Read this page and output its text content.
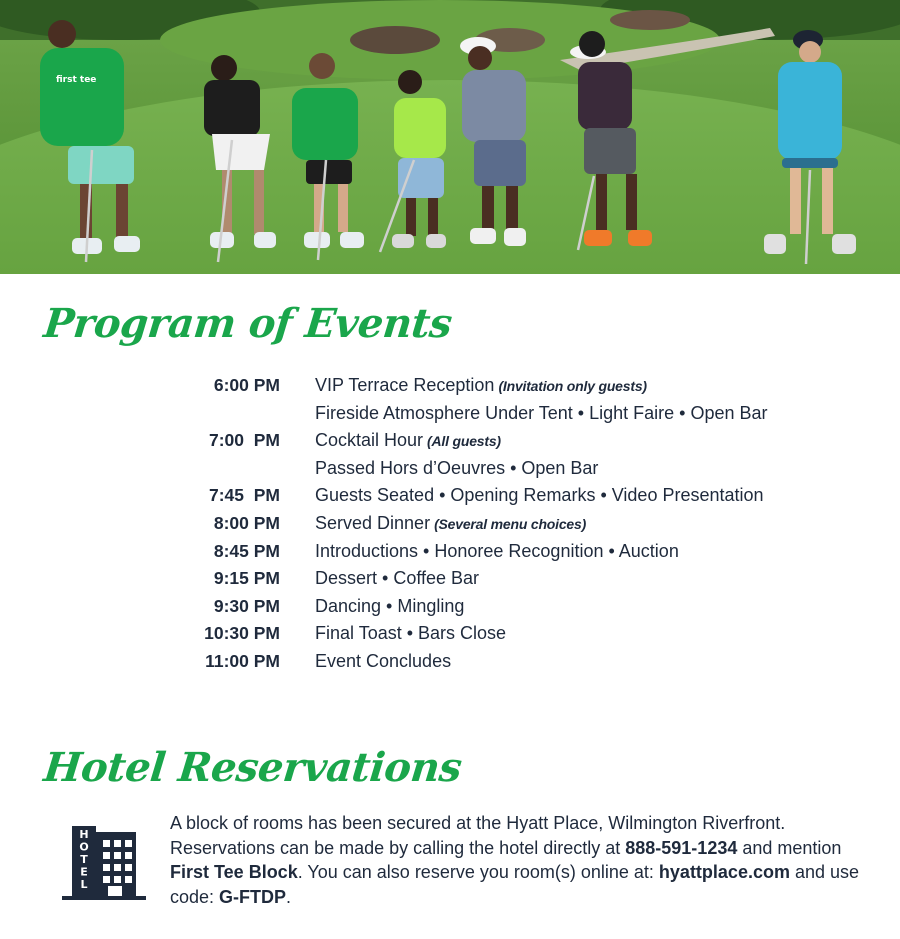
first tee
Program of Events
6:00 PM VIP Terrace Reception (Invitation only guests)
Fireside Atmosphere Under Tent • Light Faire • Open Bar
7:00  PM Cocktail Hour (All guests)
Passed Hors d’Oeuvres • Open Bar
7:45  PM Guests Seated • Opening Remarks • Video Presentation
8:00 PM Served Dinner (Several menu choices)
8:45 PM Introductions • Honoree Recognition • Auction
9:15 PM Dessert • Coffee Bar
9:30 PM Dancing • Mingling
10:30 PM Final Toast • Bars Close
11:00 PM Event Concludes
Hotel Reservations
H O T E L
A block of rooms has been secured at the Hyatt Place, Wilmington Riverfront. Reservations can be made by calling the hotel directly at 888-591-1234 and mention First Tee Block. You can also reserve you room(s) online at: hyattplace.com and use code: G-FTDP.
